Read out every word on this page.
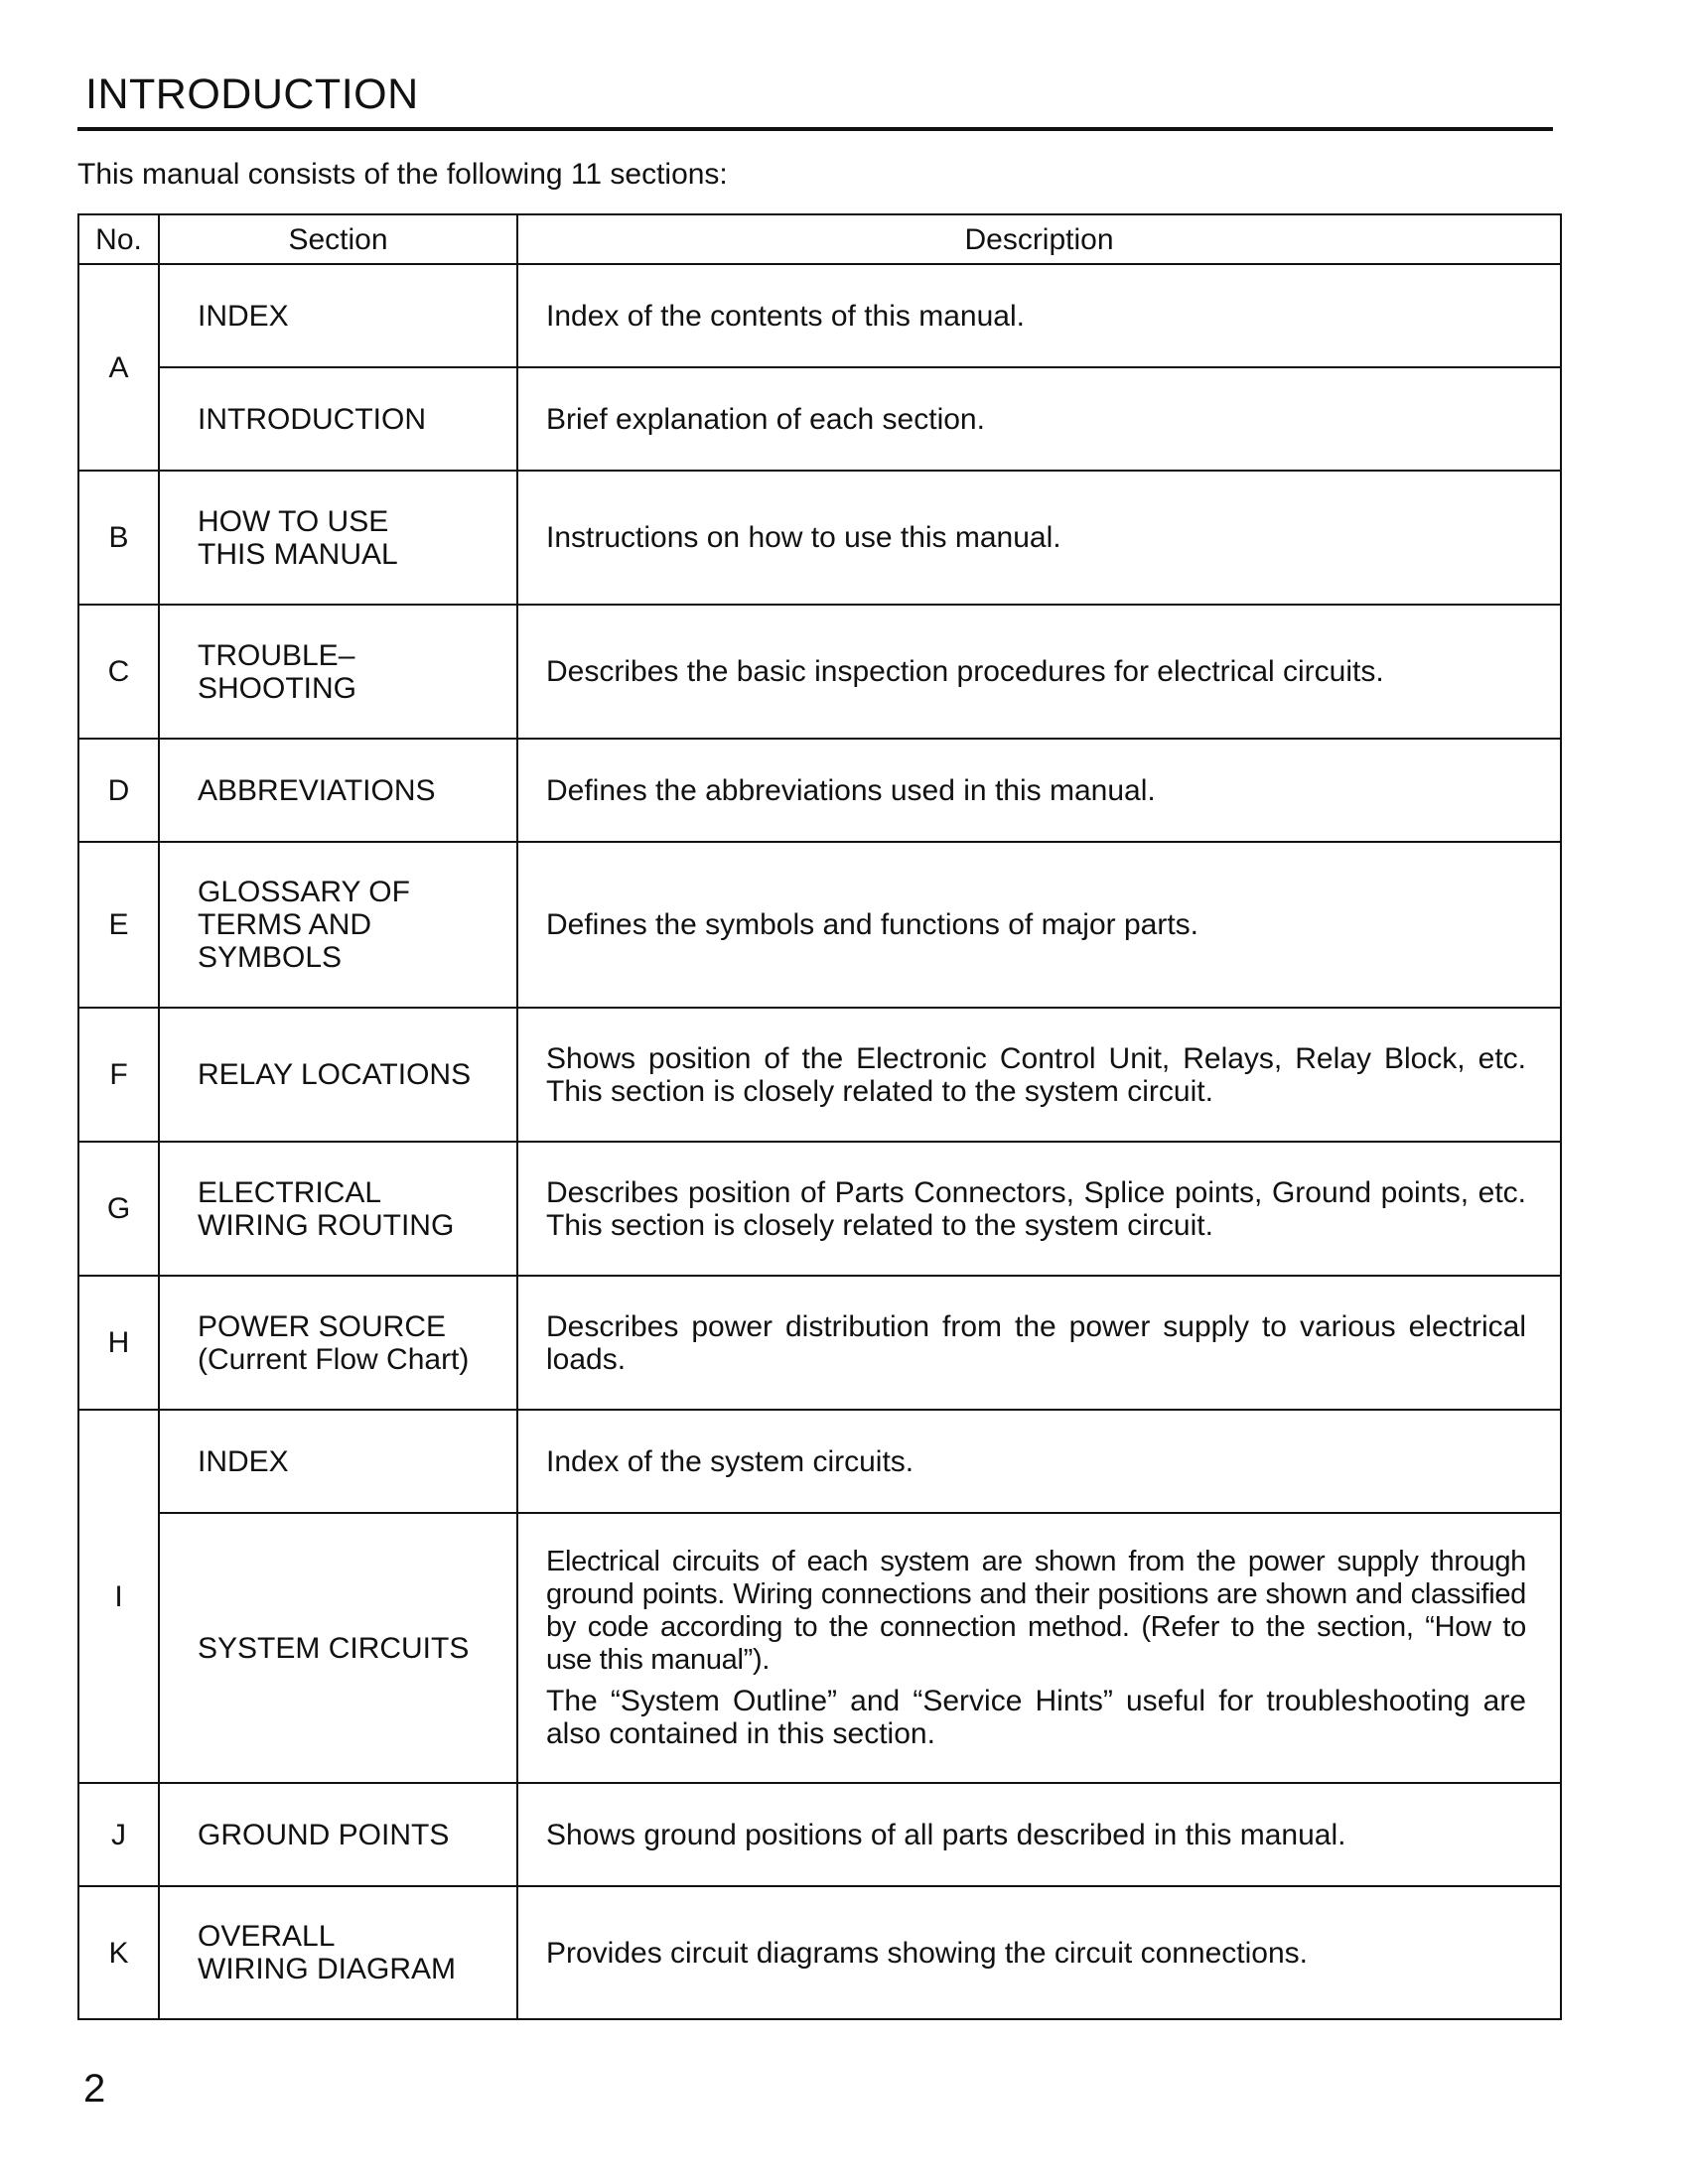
INTRODUCTION
This manual consists of the following 11 sections:
No.	Section	Description
A	INDEX	Index of the contents of this manual.

	INTRODUCTION	Brief explanation of each section.

B	HOW TO USE
THIS MANUAL	Instructions on how to use this manual.

C	TROUBLE–
SHOOTING	Describes the basic inspection procedures for electrical circuits.

D	ABBREVIATIONS	Defines the abbreviations used in this manual.

E	GLOSSARY OF
TERMS AND
SYMBOLS	Defines the symbols and functions of major parts.

F	RELAY LOCATIONS	Shows position of the Electronic Control Unit, Relays, Relay Block, etc. This section is closely related to the system circuit.

G	ELECTRICAL
WIRING ROUTING	Describes position of Parts Connectors, Splice points, Ground points, etc. This section is closely related to the system circuit.

H	POWER SOURCE
(Current Flow Chart)	Describes power distribution from the power supply to various electrical loads.

I	INDEX	Index of the system circuits.

	SYSTEM CIRCUITS	Electrical circuits of each system are shown from the power supply through ground points. Wiring connections and their positions are shown and classified by code according to the connection method. (Refer to the section, “How to use this manual”).
The “System Outline” and “Service Hints” useful for troubleshooting are also contained in this section.

J	GROUND POINTS	Shows ground positions of all parts described in this manual.

K	OVERALL
WIRING DIAGRAM	Provides circuit diagrams showing the circuit connections.
2
